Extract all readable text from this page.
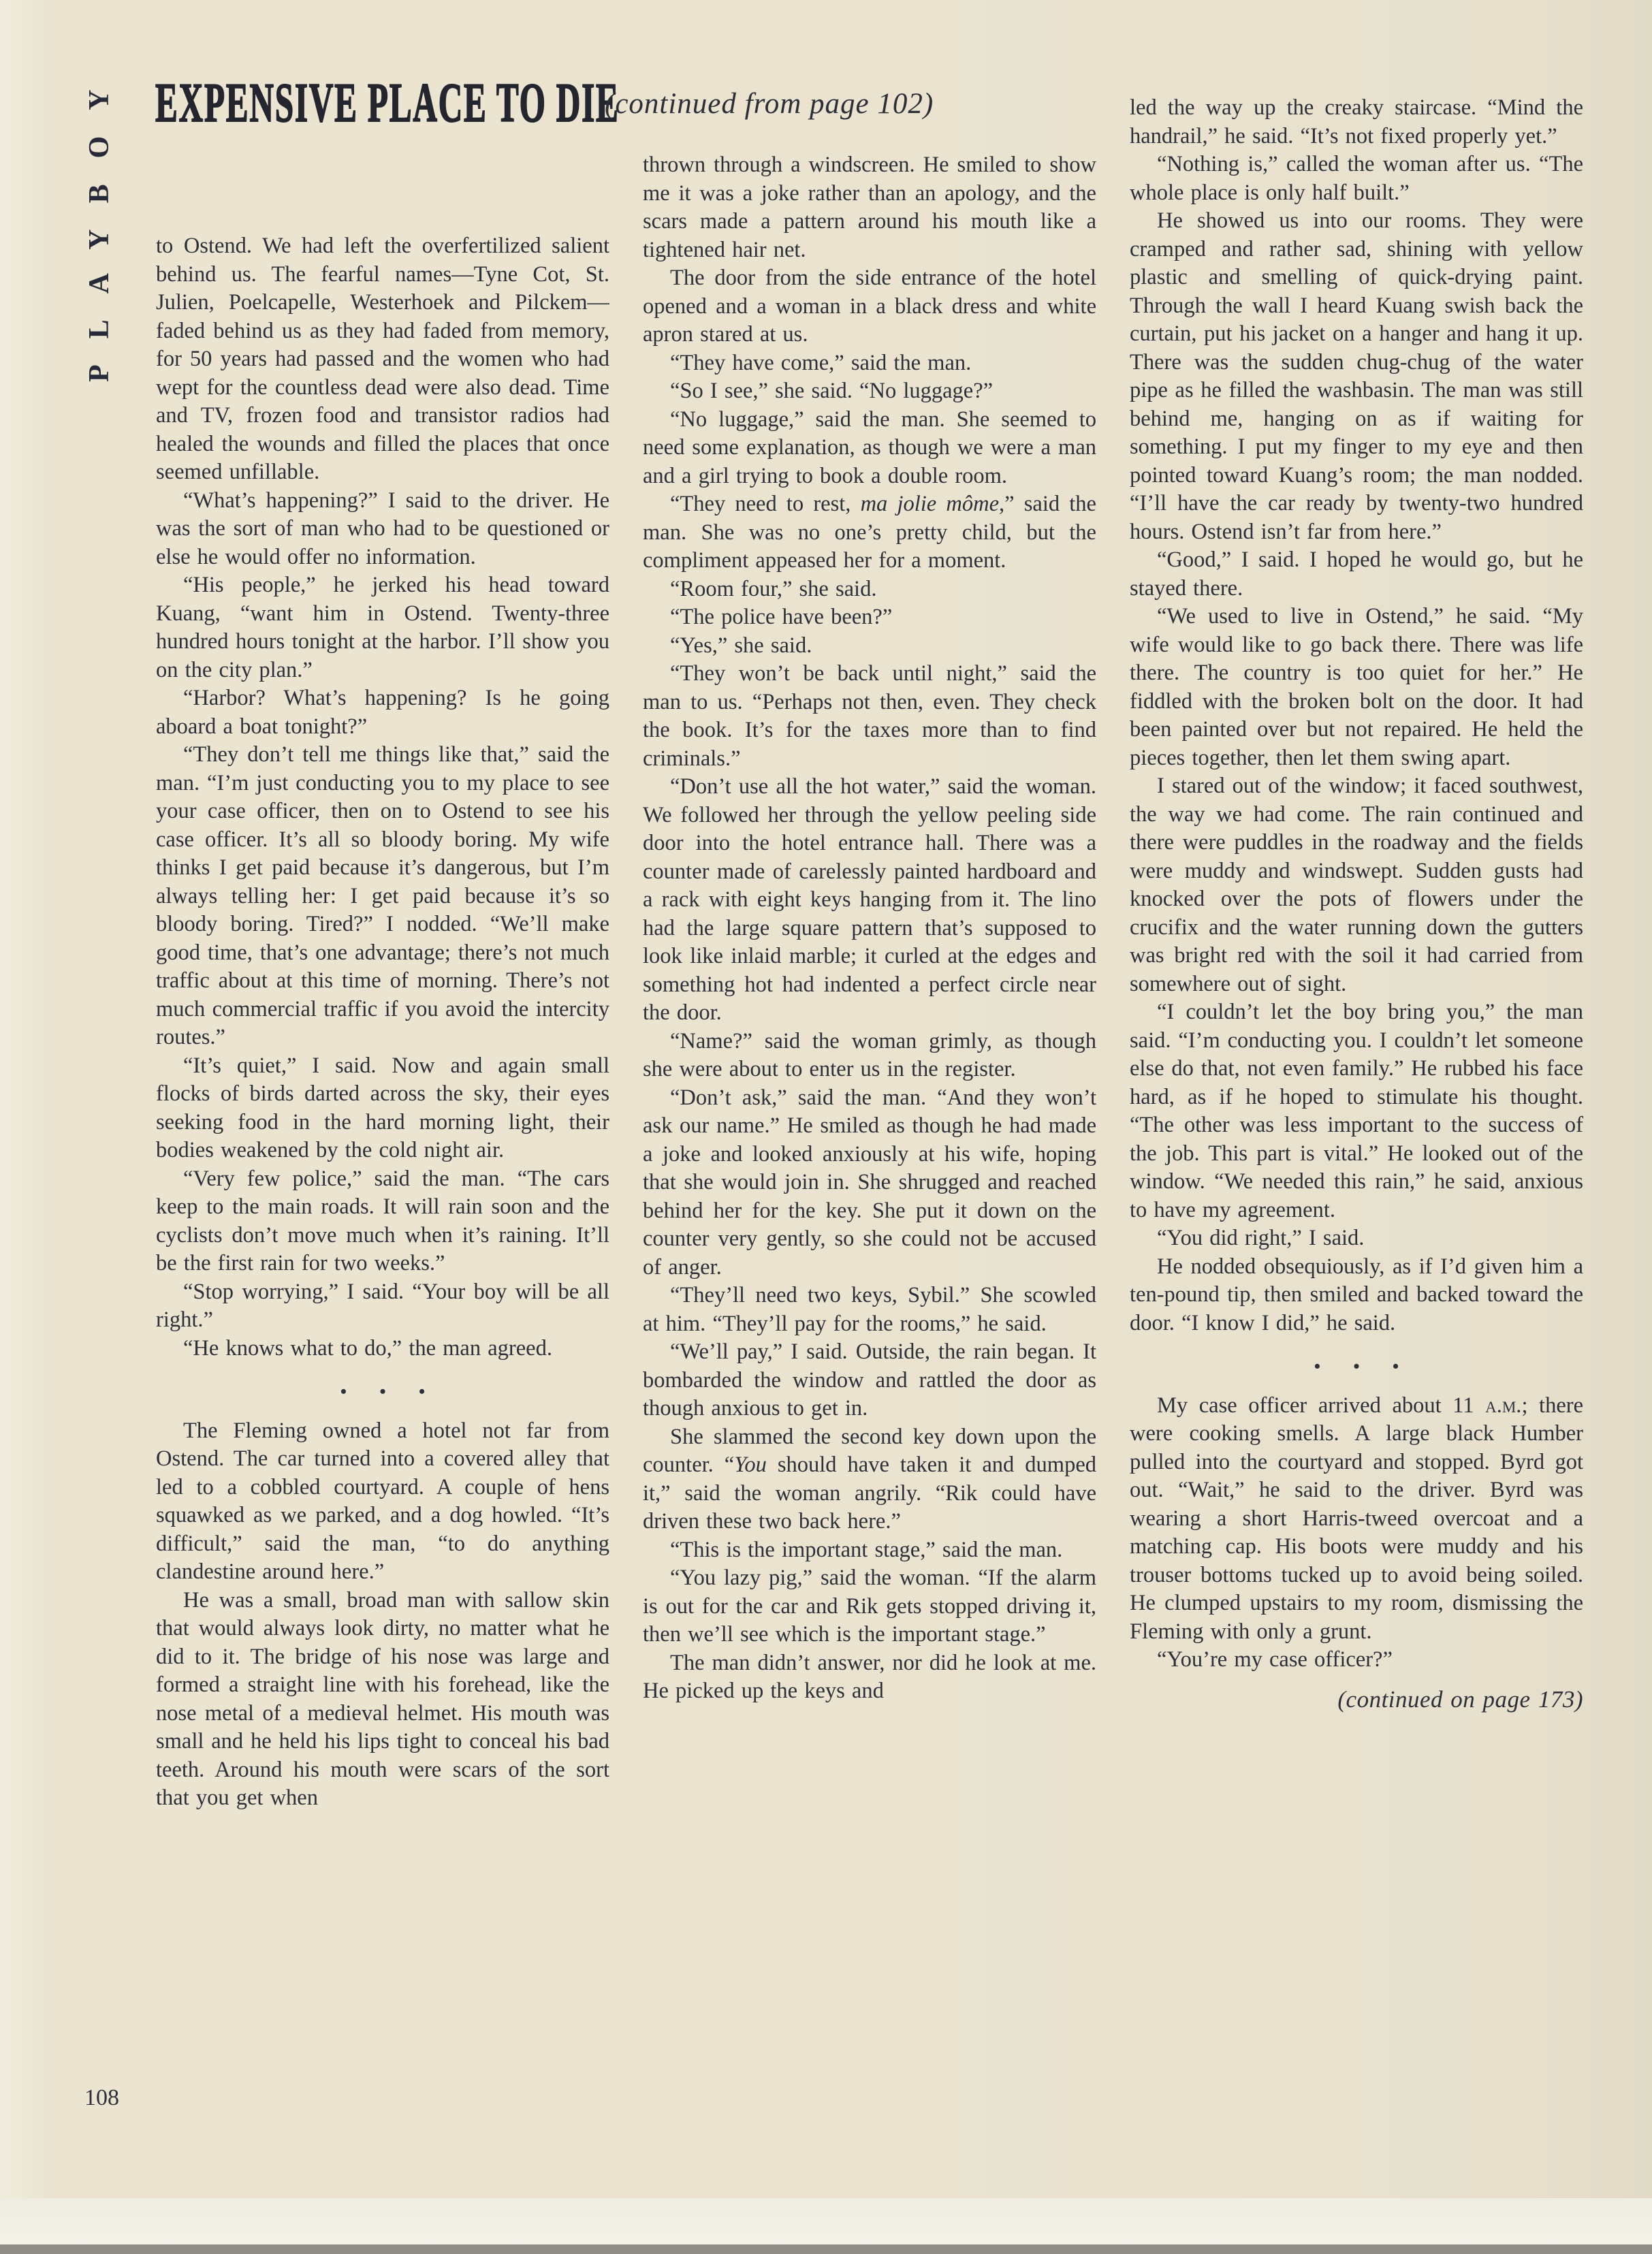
PLAYBOY EXPENSIVE PLACE TO DIE
(continued from page 102)

to Ostend. We had left the overfertilized salient behind us. The fearful names—Tyne Cot, St. Julien, Poelcapelle, Westerhoek and Pilckem—faded behind us as they had faded from memory, for 50 years had passed and the women who had wept for the countless dead were also dead. Time and TV, frozen food and transistor radios had healed the wounds and filled the places that once seemed unfillable.

“What’s happening?” I said to the driver. He was the sort of man who had to be questioned or else he would offer no information.

“His people,” he jerked his head toward Kuang, “want him in Ostend. Twenty-three hundred hours tonight at the harbor. I’ll show you on the city plan.”

“Harbor? What’s happening? Is he going aboard a boat tonight?”

“They don’t tell me things like that,” said the man. “I’m just conducting you to my place to see your case officer, then on to Ostend to see his case officer. It’s all so bloody boring. My wife thinks I get paid because it’s dangerous, but I’m always telling her: I get paid because it’s so bloody boring. Tired?” I nodded. “We’ll make good time, that’s one advantage; there’s not much traffic about at this time of morning. There’s not much commercial traffic if you avoid the intercity routes.”

“It’s quiet,” I said. Now and again small flocks of birds darted across the sky, their eyes seeking food in the hard morning light, their bodies weakened by the cold night air.

“Very few police,” said the man. “The cars keep to the main roads. It will rain soon and the cyclists don’t move much when it’s raining. It’ll be the first rain for two weeks.”

“Stop worrying,” I said. “Your boy will be all right.”

“He knows what to do,” the man agreed.

• • •

The Fleming owned a hotel not far from Ostend. The car turned into a covered alley that led to a cobbled courtyard. A couple of hens squawked as we parked, and a dog howled. “It’s difficult,” said the man, “to do anything clandestine around here.”

He was a small, broad man with sallow skin that would always look dirty, no matter what he did to it. The bridge of his nose was large and formed a straight line with his forehead, like the nose metal of a medieval helmet. His mouth was small and he held his lips tight to conceal his bad teeth. Around his mouth were scars of the sort that you get when

thrown through a windscreen. He smiled to show me it was a joke rather than an apology, and the scars made a pattern around his mouth like a tightened hair net.

The door from the side entrance of the hotel opened and a woman in a black dress and white apron stared at us.

“They have come,” said the man.

“So I see,” she said. “No luggage?”

“No luggage,” said the man. She seemed to need some explanation, as though we were a man and a girl trying to book a double room.

“They need to rest, ma jolie môme,” said the man. She was no one’s pretty child, but the compliment appeased her for a moment.

“Room four,” she said.

“The police have been?”

“Yes,” she said.

“They won’t be back until night,” said the man to us. “Perhaps not then, even. They check the book. It’s for the taxes more than to find criminals.”

“Don’t use all the hot water,” said the woman. We followed her through the yellow peeling side door into the hotel entrance hall. There was a counter made of carelessly painted hardboard and a rack with eight keys hanging from it. The lino had the large square pattern that’s supposed to look like inlaid marble; it curled at the edges and something hot had indented a perfect circle near the door.

“Name?” said the woman grimly, as though she were about to enter us in the register.

“Don’t ask,” said the man. “And they won’t ask our name.” He smiled as though he had made a joke and looked anxiously at his wife, hoping that she would join in. She shrugged and reached behind her for the key. She put it down on the counter very gently, so she could not be accused of anger.

“They’ll need two keys, Sybil.” She scowled at him. “They’ll pay for the rooms,” he said.

“We’ll pay,” I said. Outside, the rain began. It bombarded the window and rattled the door as though anxious to get in.

She slammed the second key down upon the counter. “You should have taken it and dumped it,” said the woman angrily. “Rik could have driven these two back here.”

“This is the important stage,” said the man.

“You lazy pig,” said the woman. “If the alarm is out for the car and Rik gets stopped driving it, then we’ll see which is the important stage.”

The man didn’t answer, nor did he look at me. He picked up the keys and

led the way up the creaky staircase. “Mind the handrail,” he said. “It’s not fixed properly yet.”

“Nothing is,” called the woman after us. “The whole place is only half built.”

He showed us into our rooms. They were cramped and rather sad, shining with yellow plastic and smelling of quick-drying paint. Through the wall I heard Kuang swish back the curtain, put his jacket on a hanger and hang it up. There was the sudden chug-chug of the water pipe as he filled the washbasin. The man was still behind me, hanging on as if waiting for something. I put my finger to my eye and then pointed toward Kuang’s room; the man nodded. “I’ll have the car ready by twenty-two hundred hours. Ostend isn’t far from here.”

“Good,” I said. I hoped he would go, but he stayed there.

“We used to live in Ostend,” he said. “My wife would like to go back there. There was life there. The country is too quiet for her.” He fiddled with the broken bolt on the door. It had been painted over but not repaired. He held the pieces together, then let them swing apart.

I stared out of the window; it faced southwest, the way we had come. The rain continued and there were puddles in the roadway and the fields were muddy and windswept. Sudden gusts had knocked over the pots of flowers under the crucifix and the water running down the gutters was bright red with the soil it had carried from somewhere out of sight.

“I couldn’t let the boy bring you,” the man said. “I’m conducting you. I couldn’t let someone else do that, not even family.” He rubbed his face hard, as if he hoped to stimulate his thought. “The other was less important to the success of the job. This part is vital.” He looked out of the window. “We needed this rain,” he said, anxious to have my agreement.

“You did right,” I said.

He nodded obsequiously, as if I’d given him a ten-pound tip, then smiled and backed toward the door. “I know I did,” he said.

• • •

My case officer arrived about 11 a.m.; there were cooking smells. A large black Humber pulled into the courtyard and stopped. Byrd got out. “Wait,” he said to the driver. Byrd was wearing a short Harris-tweed overcoat and a matching cap. His boots were muddy and his trouser bottoms tucked up to avoid being soiled. He clumped upstairs to my room, dismissing the Fleming with only a grunt.

“You’re my case officer?”

(continued on page 173)
108
